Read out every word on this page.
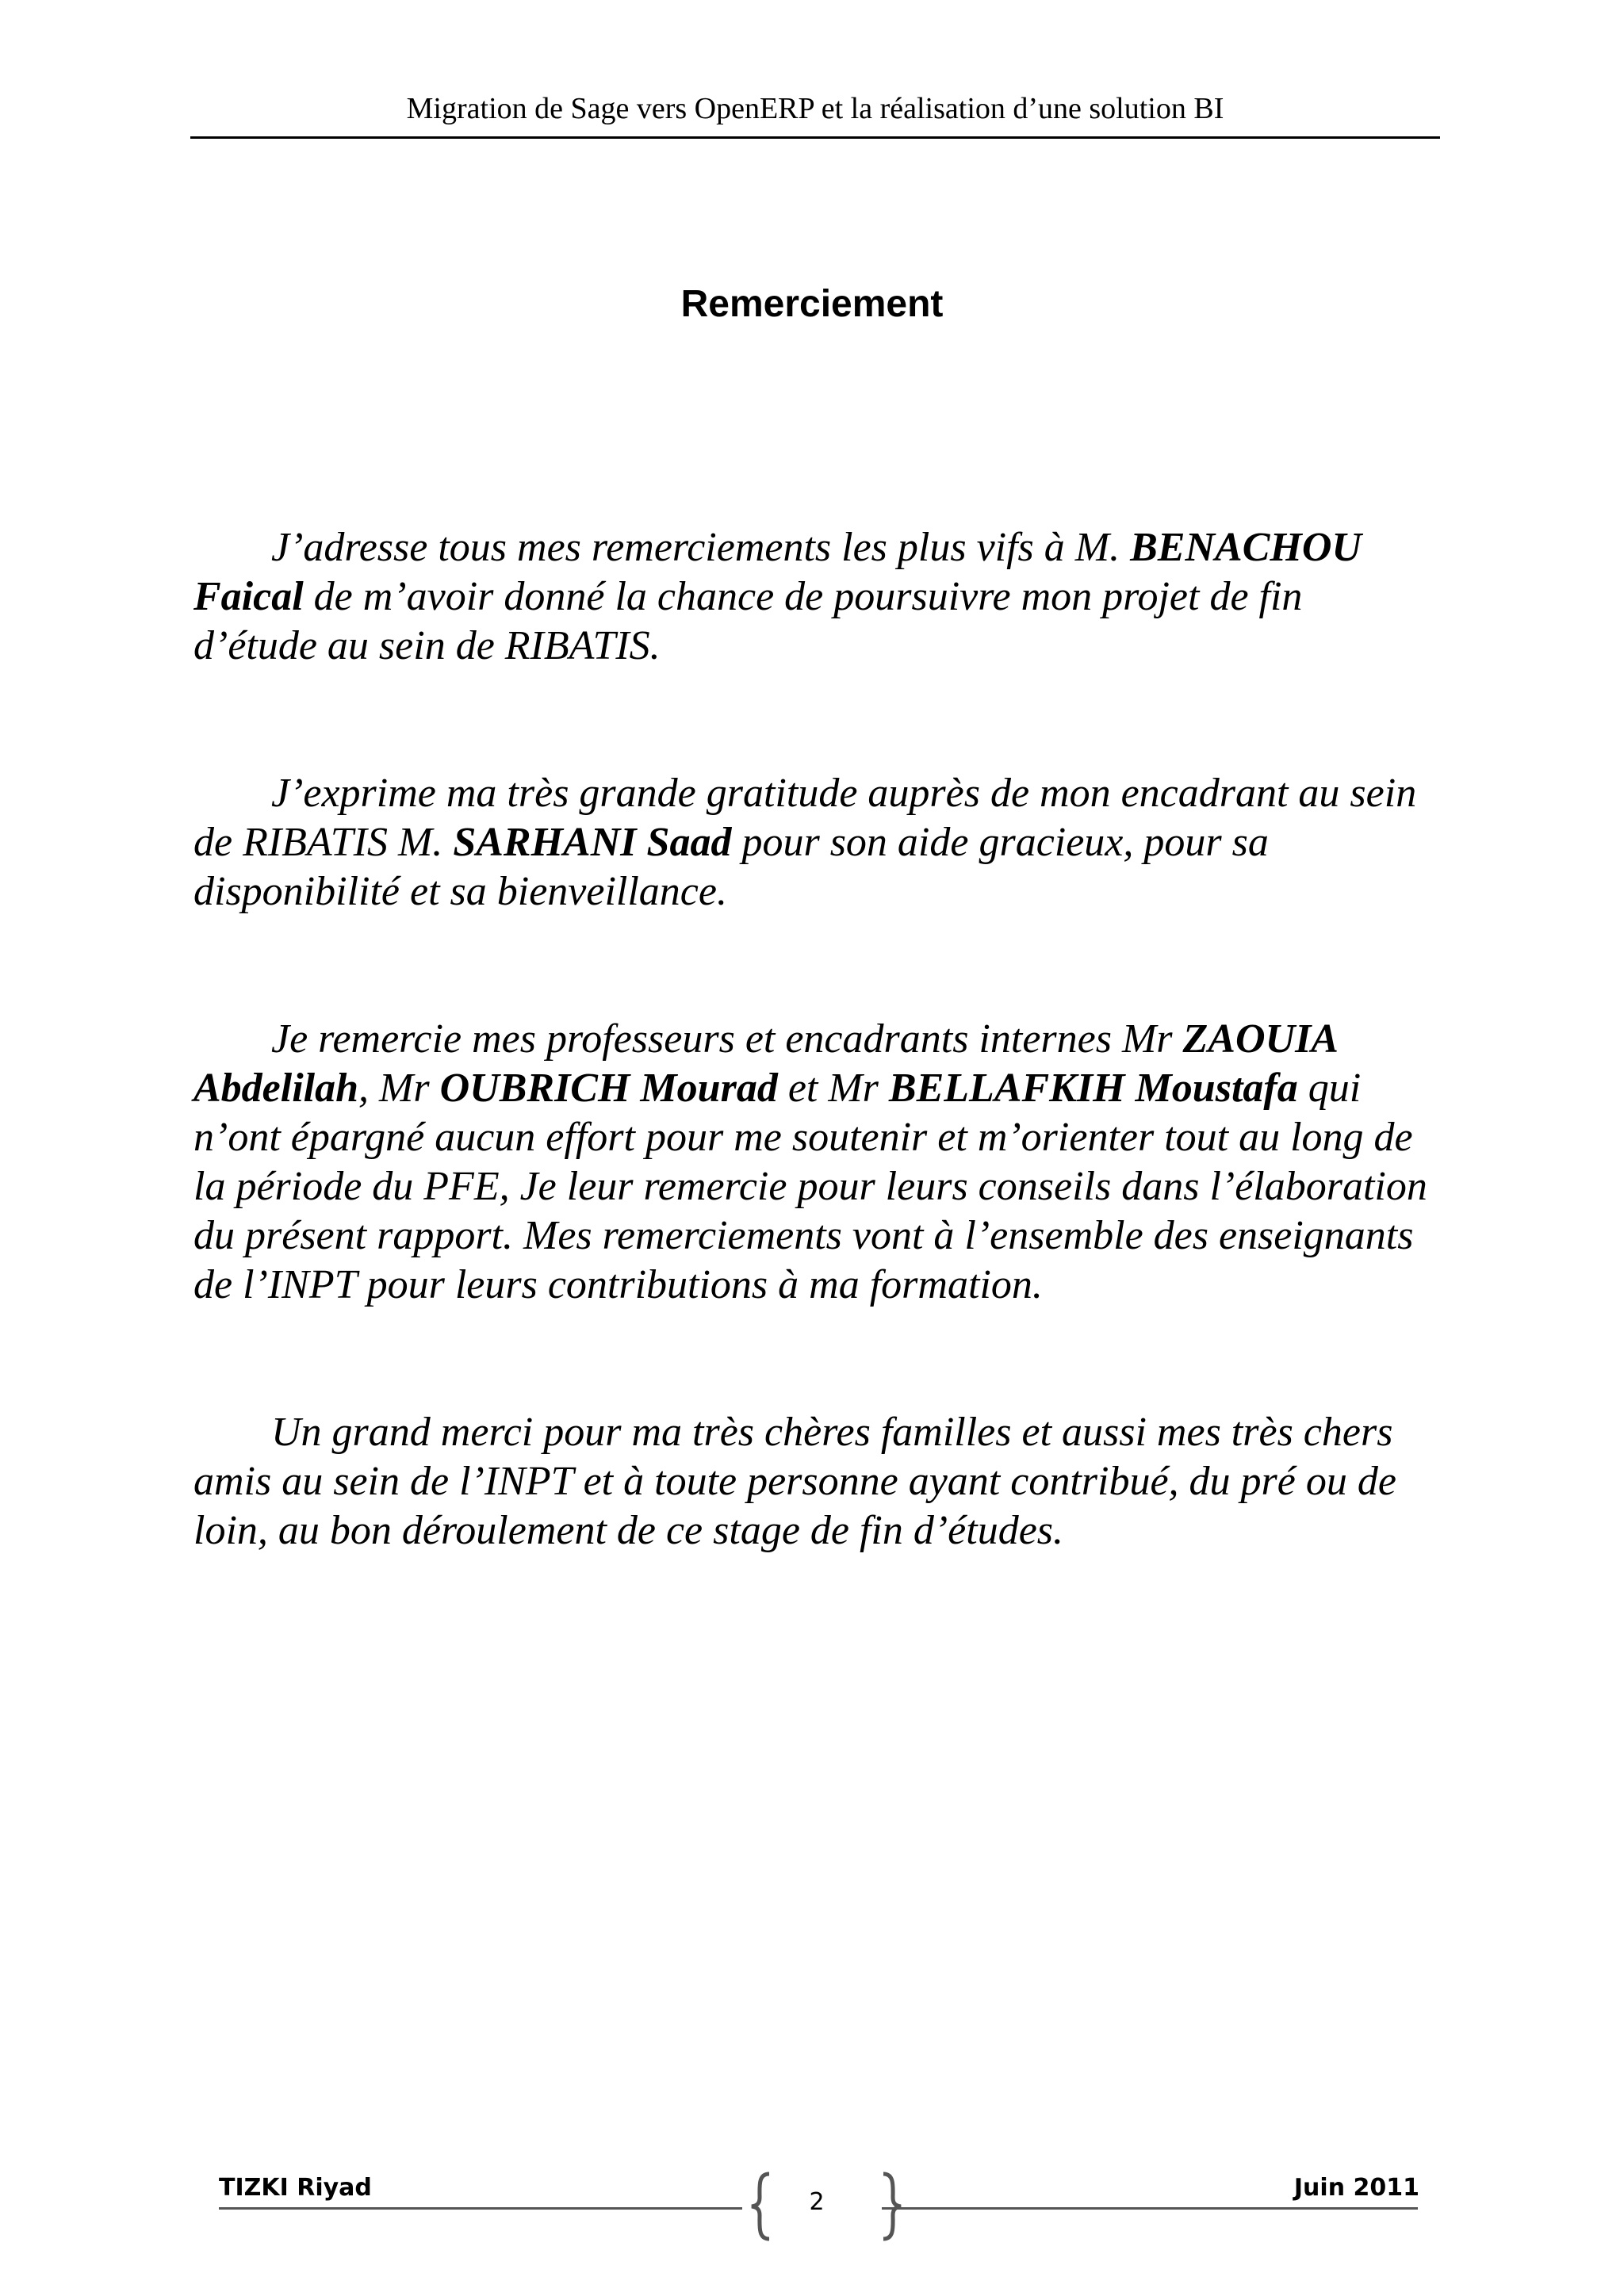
Migration de Sage vers OpenERP et la réalisation d’une solution BI
Remerciement

J’adresse tous mes remerciements les plus vifs à M. BENACHOU Faical de m’avoir donné la chance de poursuivre mon projet de fin d’étude au sein de RIBATIS.

J’exprime ma très grande gratitude auprès de mon encadrant au sein de RIBATIS M. SARHANI Saad pour son aide gracieux, pour sa disponibilité et sa bienveillance.

Je remercie mes professeurs et encadrants internes Mr ZAOUIA Abdelilah, Mr OUBRICH Mourad et Mr BELLAFKIH Moustafa qui n’ont épargné aucun effort pour me soutenir et m’orienter tout au long de la période du PFE, Je leur remercie pour leurs conseils dans l’élaboration du présent rapport. Mes remerciements vont à l’ensemble des enseignants de l’INPT pour leurs contributions à ma formation.

Un grand merci pour ma très chères familles et aussi mes très chers amis au sein de l’INPT et à toute personne ayant contribué, du pré ou de loin, au bon déroulement de ce stage de fin d’études.

TIZKI Riyad
2
Juin 2011
